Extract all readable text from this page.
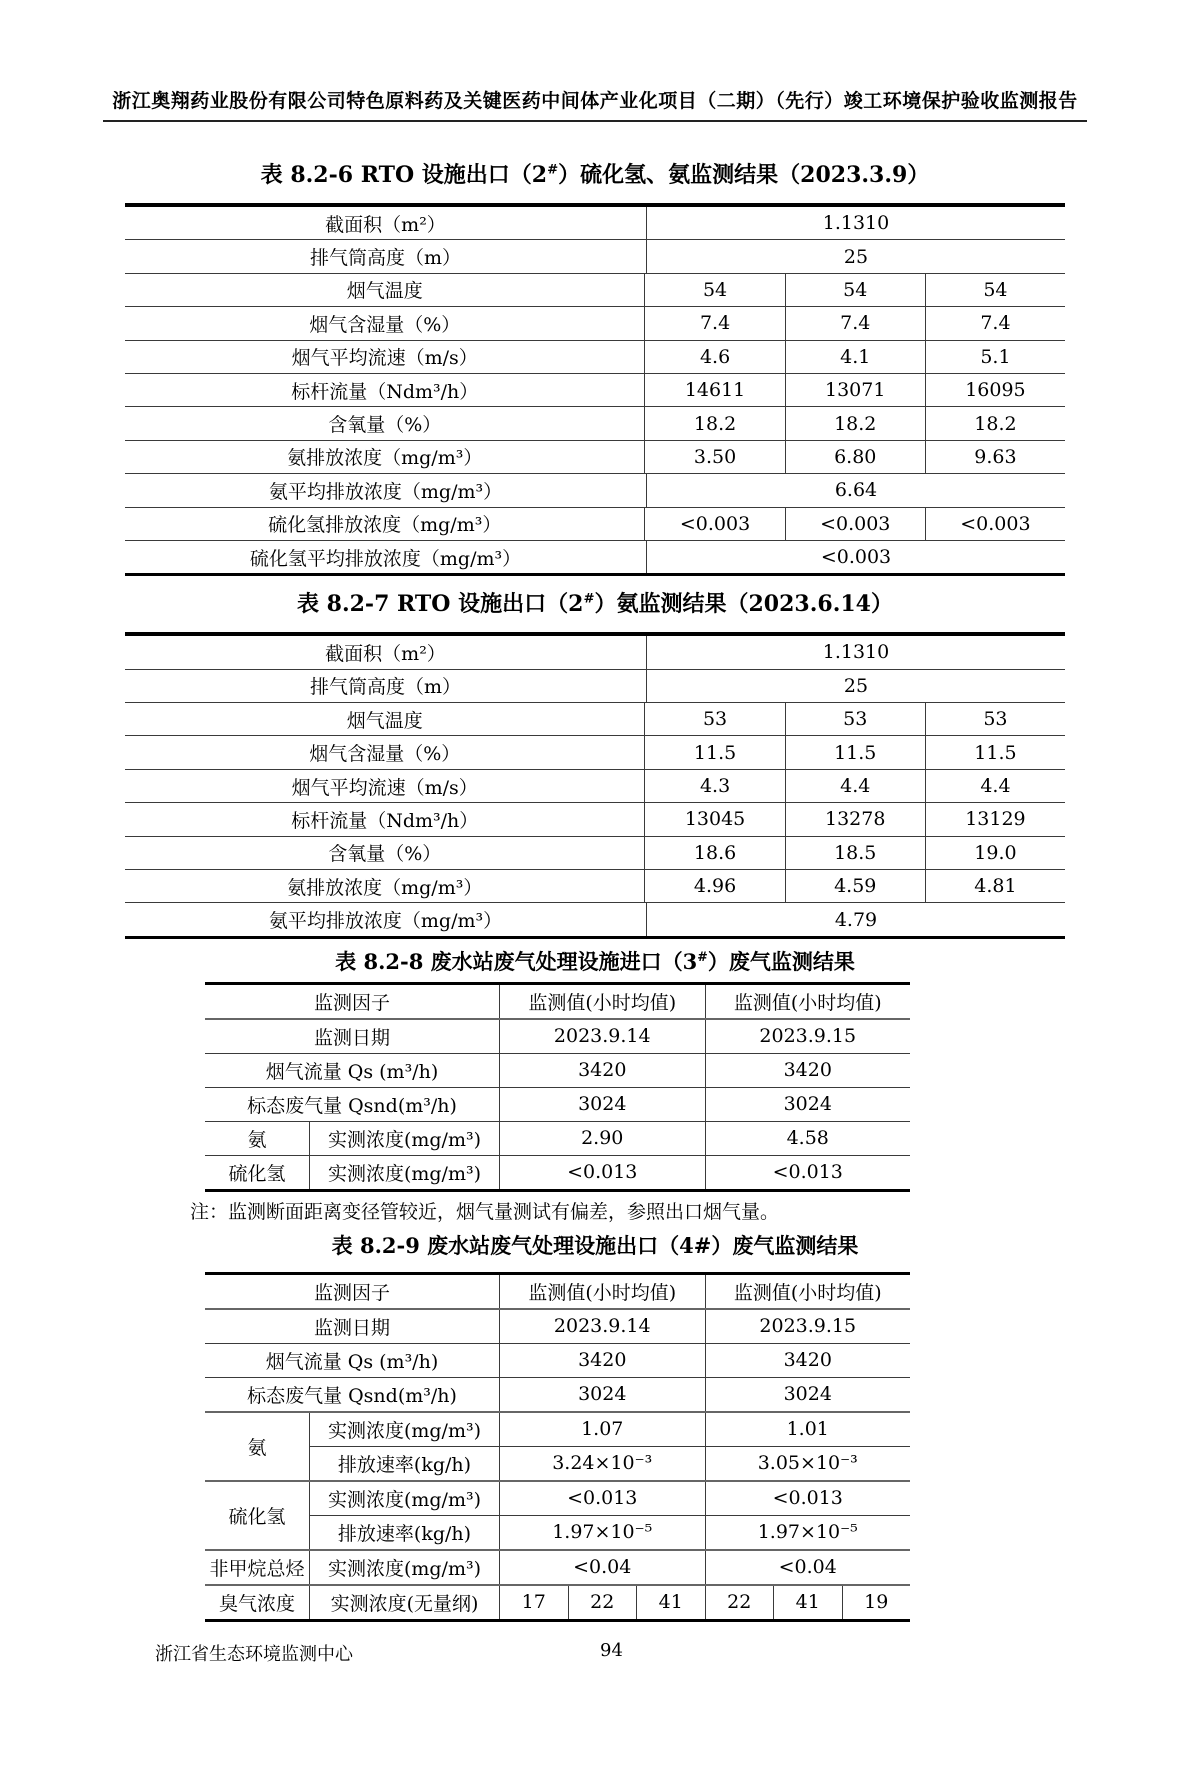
浙江奥翔药业股份有限公司特色原料药及关键医药中间体产业化项目（二期）（先行）竣工环境保护验收监测报告
表 8.2-6 RTO 设施出口（2#）硫化氢、氨监测结果（2023.3.9）
截面积（m²）	1.1310
排气筒高度（m）	25
烟气温度	54	54	54
烟气含湿量（%）	7.4	7.4	7.4
烟气平均流速（m/s）	4.6	4.1	5.1
标杆流量（Ndm³/h）	14611	13071	16095
含氧量（%）	18.2	18.2	18.2
氨排放浓度（mg/m³）	3.50	6.80	9.63
氨平均排放浓度（mg/m³）	6.64
硫化氢排放浓度（mg/m³）	<0.003	<0.003	<0.003
硫化氢平均排放浓度（mg/m³）	<0.003
表 8.2-7 RTO 设施出口（2#）氨监测结果（2023.6.14）
截面积（m²）	1.1310
排气筒高度（m）	25
烟气温度	53	53	53
烟气含湿量（%）	11.5	11.5	11.5
烟气平均流速（m/s）	4.3	4.4	4.4
标杆流量（Ndm³/h）	13045	13278	13129
含氧量（%）	18.6	18.5	19.0
氨排放浓度（mg/m³）	4.96	4.59	4.81
氨平均排放浓度（mg/m³）	4.79
表 8.2-8 废水站废气处理设施进口（3#）废气监测结果
监测因子	监测值(小时均值)	监测值(小时均值)
监测日期	2023.9.14	2023.9.15
烟气流量 Qs (m³/h)	3420	3420
标态废气量 Qsnd(m³/h)	3024	3024
氨	实测浓度(mg/m³)	2.90	4.58
硫化氢	实测浓度(mg/m³)	<0.013	<0.013
注：监测断面距离变径管较近，烟气量测试有偏差，参照出口烟气量。
表 8.2-9 废水站废气处理设施出口（4#）废气监测结果
监测因子	监测值(小时均值)	监测值(小时均值)
监测日期	2023.9.14	2023.9.15
烟气流量 Qs (m³/h)	3420	3420
标态废气量 Qsnd(m³/h)	3024	3024
氨
实测浓度(mg/m³)	1.07	1.01
排放速率(kg/h)	3.24×10⁻³	3.05×10⁻³
硫化氢
实测浓度(mg/m³)	<0.013	<0.013
排放速率(kg/h)	1.97×10⁻⁵	1.97×10⁻⁵
非甲烷总烃	实测浓度(mg/m³)	<0.04	<0.04
臭气浓度	实测浓度(无量纲)	17	22	41	22	41	19
浙江省生态环境监测中心	94
